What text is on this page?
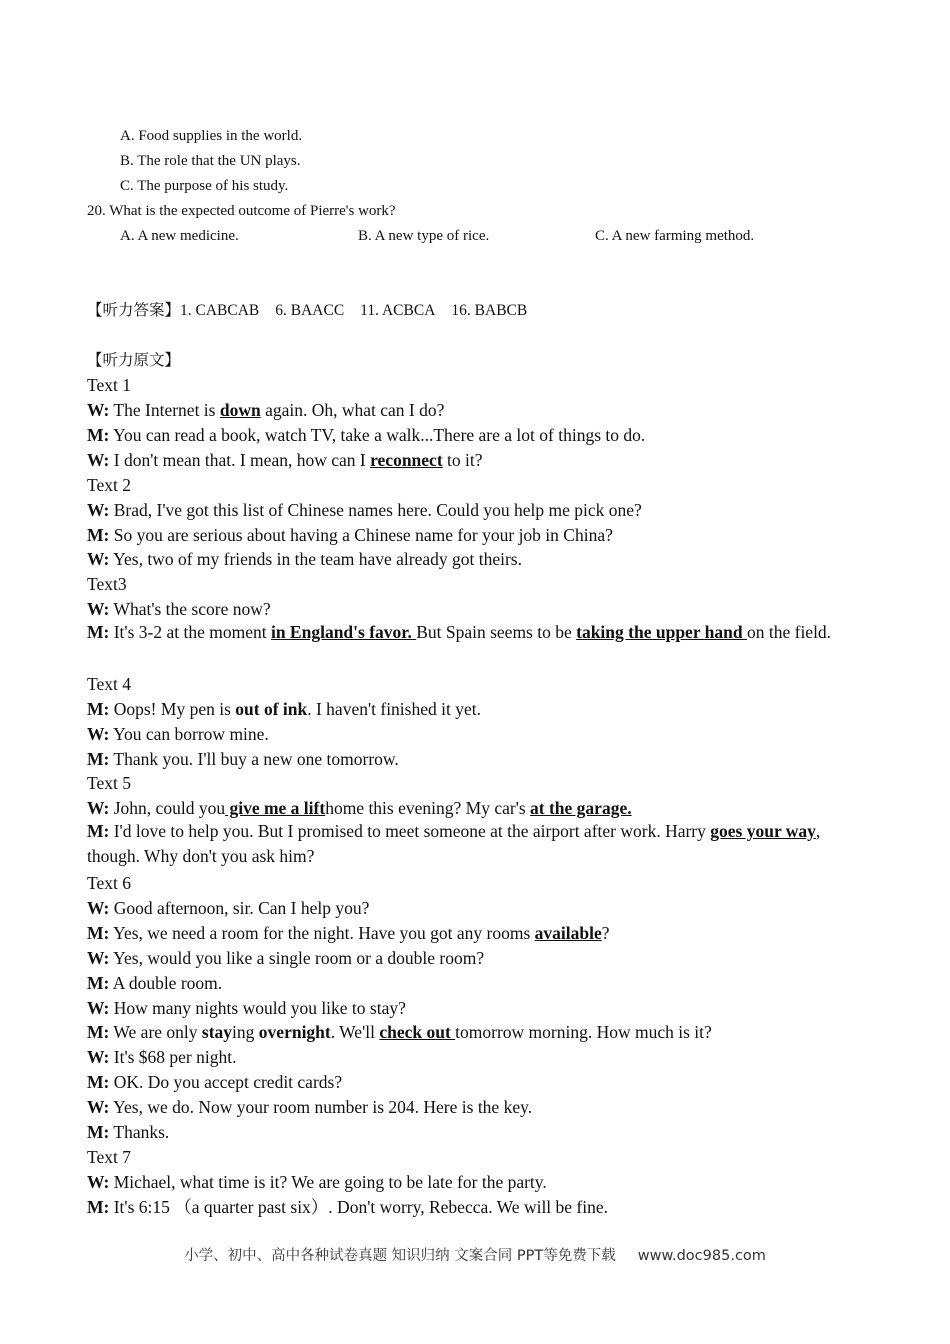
A. Food supplies in the world.
B. The role that the UN plays.
C. The purpose of his study.
20. What is the expected outcome of Pierre's work?
A. A new medicine.	B. A new type of rice.	C. A new farming method.
【听力答案】1. CABCAB 6. BAACC 11. ACBCA 16. BABCB
【听力原文】
Text 1
W: The Internet is down again. Oh, what can I do?
M: You can read a book, watch TV, take a walk...There are a lot of things to do.
W: I don't mean that. I mean, how can I reconnect to it?
Text 2
W: Brad, I've got this list of Chinese names here. Could you help me pick one?
M: So you are serious about having a Chinese name for your job in China?
W: Yes, two of my friends in the team have already got theirs.
Text3
W: What's the score now?
M: It's 3-2 at the moment in England's favor. But Spain seems to be taking the upper hand on the field.
Text 4
M: Oops! My pen is out of ink. I haven't finished it yet.
W: You can borrow mine.
M: Thank you. I'll buy a new one tomorrow.
Text 5
W: John, could you give me a lifthome this evening? My car's at the garage.
M: I'd love to help you. But I promised to meet someone at the airport after work. Harry goes your way, though. Why don't you ask him?
Text 6
W: Good afternoon, sir. Can I help you?
M: Yes, we need a room for the night. Have you got any rooms available?
W: Yes, would you like a single room or a double room?
M: A double room.
W: How many nights would you like to stay?
M: We are only staying overnight. We'll check out tomorrow morning. How much is it?
W: It's $68 per night.
M: OK. Do you accept credit cards?
W: Yes, we do. Now your room number is 204. Here is the key.
M: Thanks.
Text 7
W: Michael, what time is it? We are going to be late for the party.
M: It's 6:15 （a quarter past six）. Don't worry, Rebecca. We will be fine.
小学、初中、高中各种试卷真题 知识归纳 文案合同 PPT等免费下载 www.doc985.com
